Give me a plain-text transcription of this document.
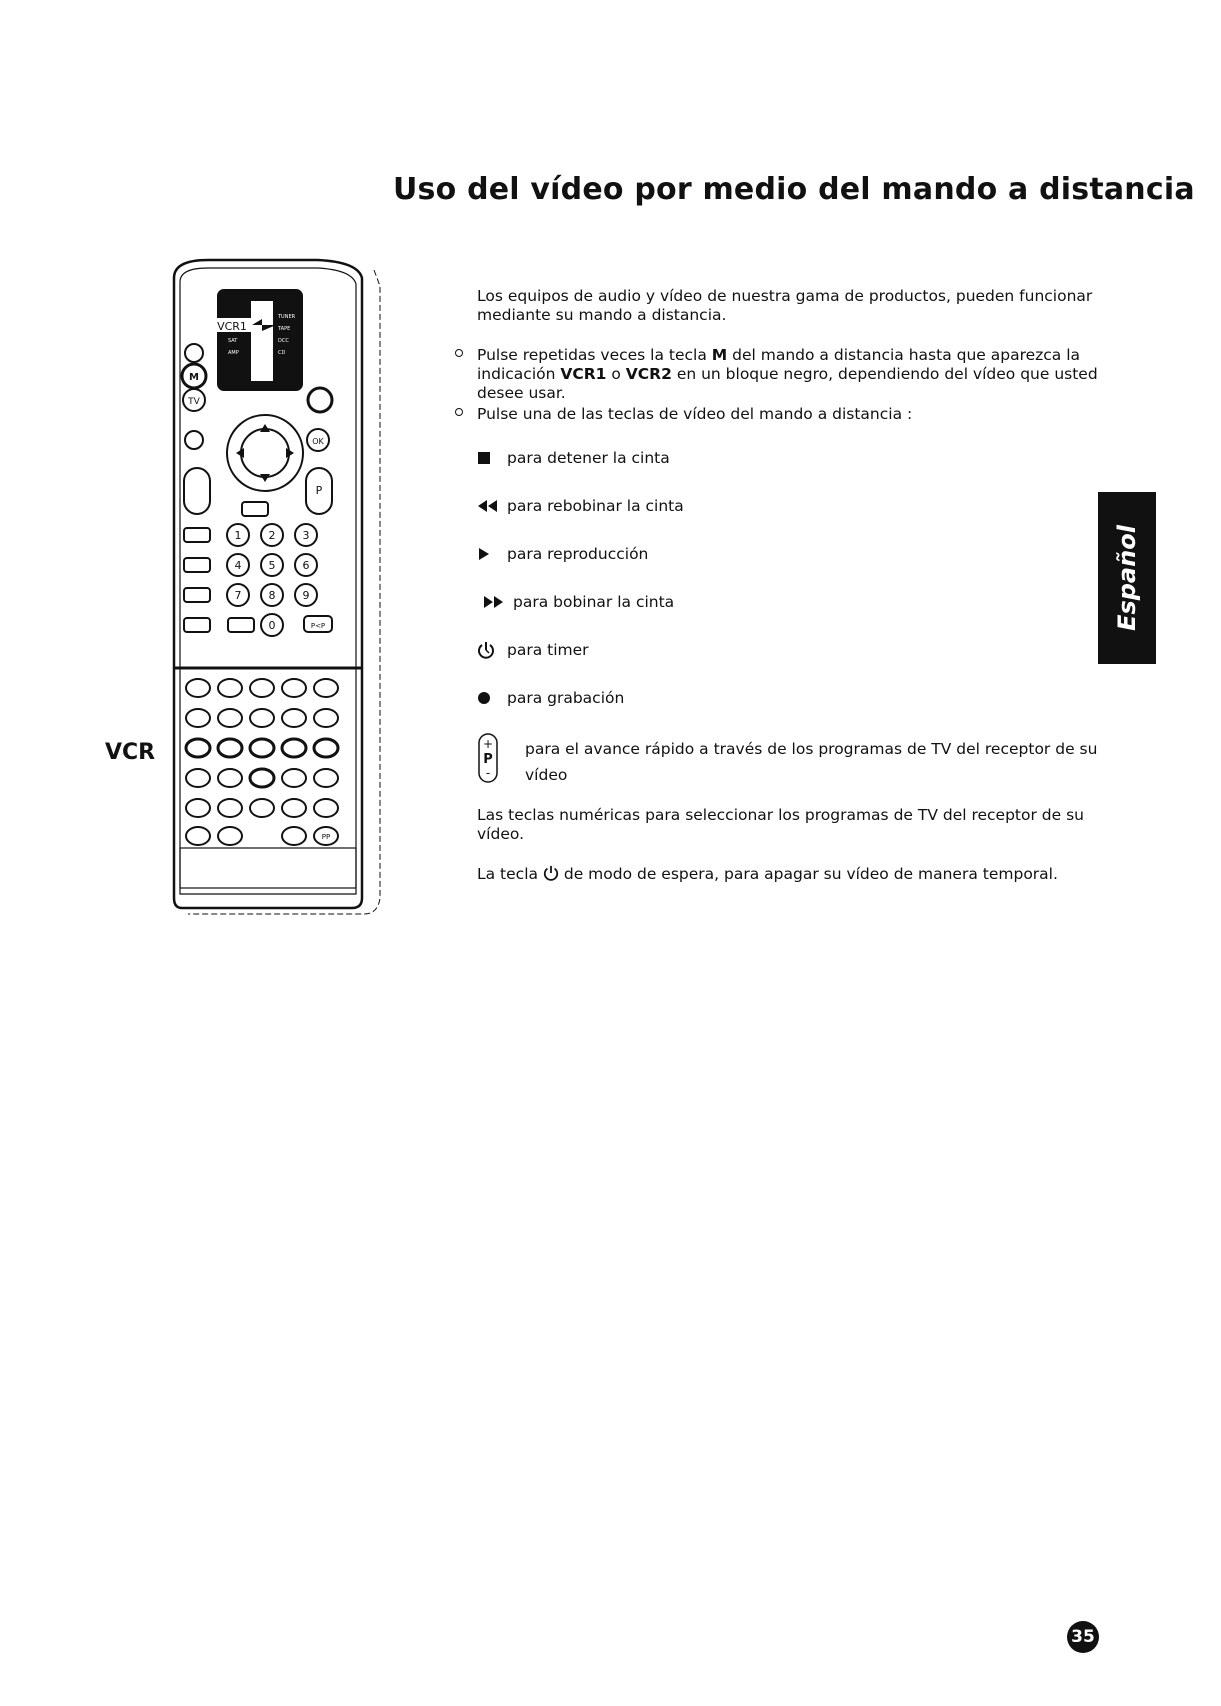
Uso del vídeo por medio del mando a distancia
VCR1
M
TV
OK
P
1 2 3
4 5 6
7 8 9
0	P<P
PP
TUNER
TAPE
SAT	DCC
AMP	CD
VCR

Los equipos de audio y vídeo de nuestra gama de productos, pueden funcionar mediante su mando a distancia.

Pulse repetidas veces la tecla M del mando a distancia hasta que aparezca la indicación VCR1 o VCR2 en un bloque negro, dependiendo del vídeo que usted desee usar.
Pulse una de las teclas de vídeo del mando a distancia :
para detener la cinta
para rebobinar la cinta
para reproducción
para bobinar la cinta
para timer
para grabación
+
P
-
para el avance rápido a través de los programas de TV del receptor de su vídeo

Las teclas numéricas para seleccionar los programas de TV del receptor de su vídeo.

La tecla  de modo de espera, para apagar su vídeo de manera temporal.

Español
35
